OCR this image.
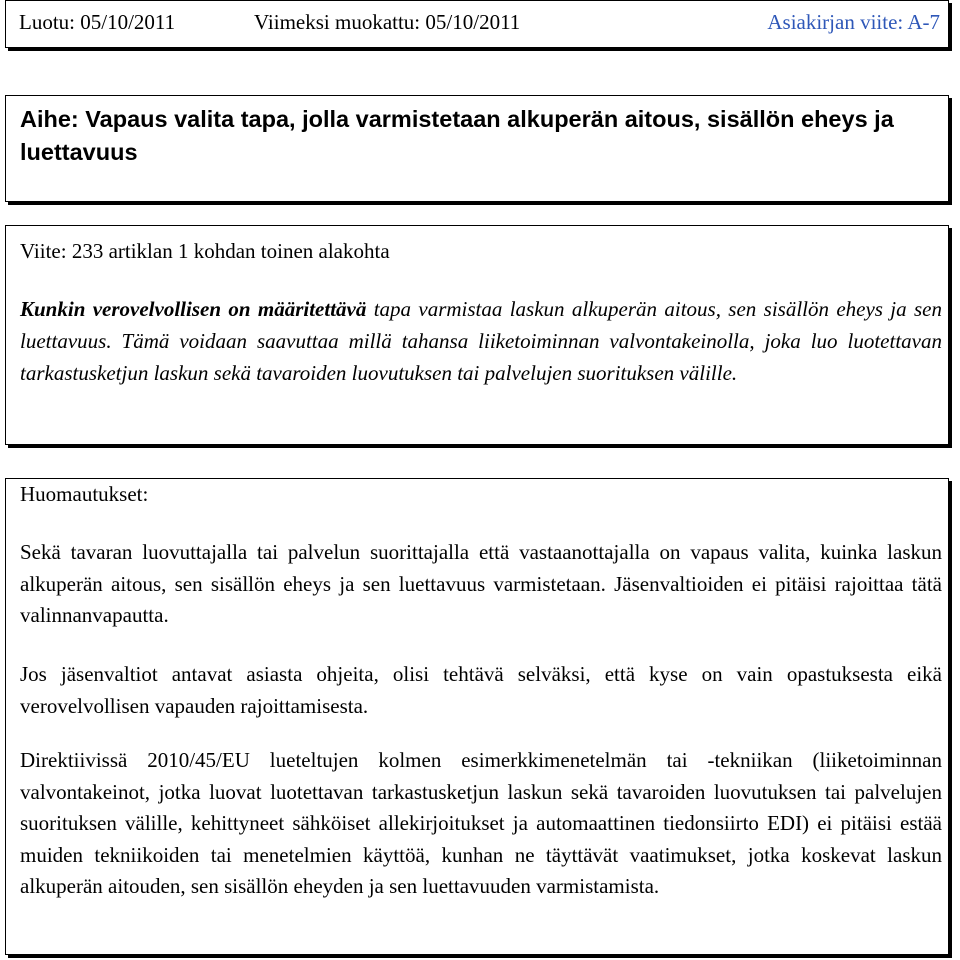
Luotu: 05/10/2011	Viimeksi muokattu: 05/10/2011	Asiakirjan viite: A-7
Aihe: Vapaus valita tapa, jolla varmistetaan alkuperän aitous, sisällön eheys ja luettavuus

Viite: 233 artiklan 1 kohdan toinen alakohta

Kunkin verovelvollisen on määritettävä tapa varmistaa laskun alkuperän aitous, sen sisällön eheys ja sen luettavuus. Tämä voidaan saavuttaa millä tahansa liiketoiminnan valvontakeinolla, joka luo luotettavan tarkastusketjun laskun sekä tavaroiden luovutuksen tai palvelujen suorituksen välille.

Huomautukset:

Sekä tavaran luovuttajalla tai palvelun suorittajalla että vastaanottajalla on vapaus valita, kuinka laskun alkuperän aitous, sen sisällön eheys ja sen luettavuus varmistetaan. Jäsenvaltioiden ei pitäisi rajoittaa tätä valinnanvapautta.

Jos jäsenvaltiot antavat asiasta ohjeita, olisi tehtävä selväksi, että kyse on vain opastuksesta eikä verovelvollisen vapauden rajoittamisesta.

Direktiivissä 2010/45/EU lueteltujen kolmen esimerkkimenetelmän tai -tekniikan (liiketoiminnan valvontakeinot, jotka luovat luotettavan tarkastusketjun laskun sekä tavaroiden luovutuksen tai palvelujen suorituksen välille, kehittyneet sähköiset allekirjoitukset ja automaattinen tiedonsiirto EDI) ei pitäisi estää muiden tekniikoiden tai menetelmien käyttöä, kunhan ne täyttävät vaatimukset, jotka koskevat laskun alkuperän aitouden, sen sisällön eheyden ja sen luettavuuden varmistamista.
